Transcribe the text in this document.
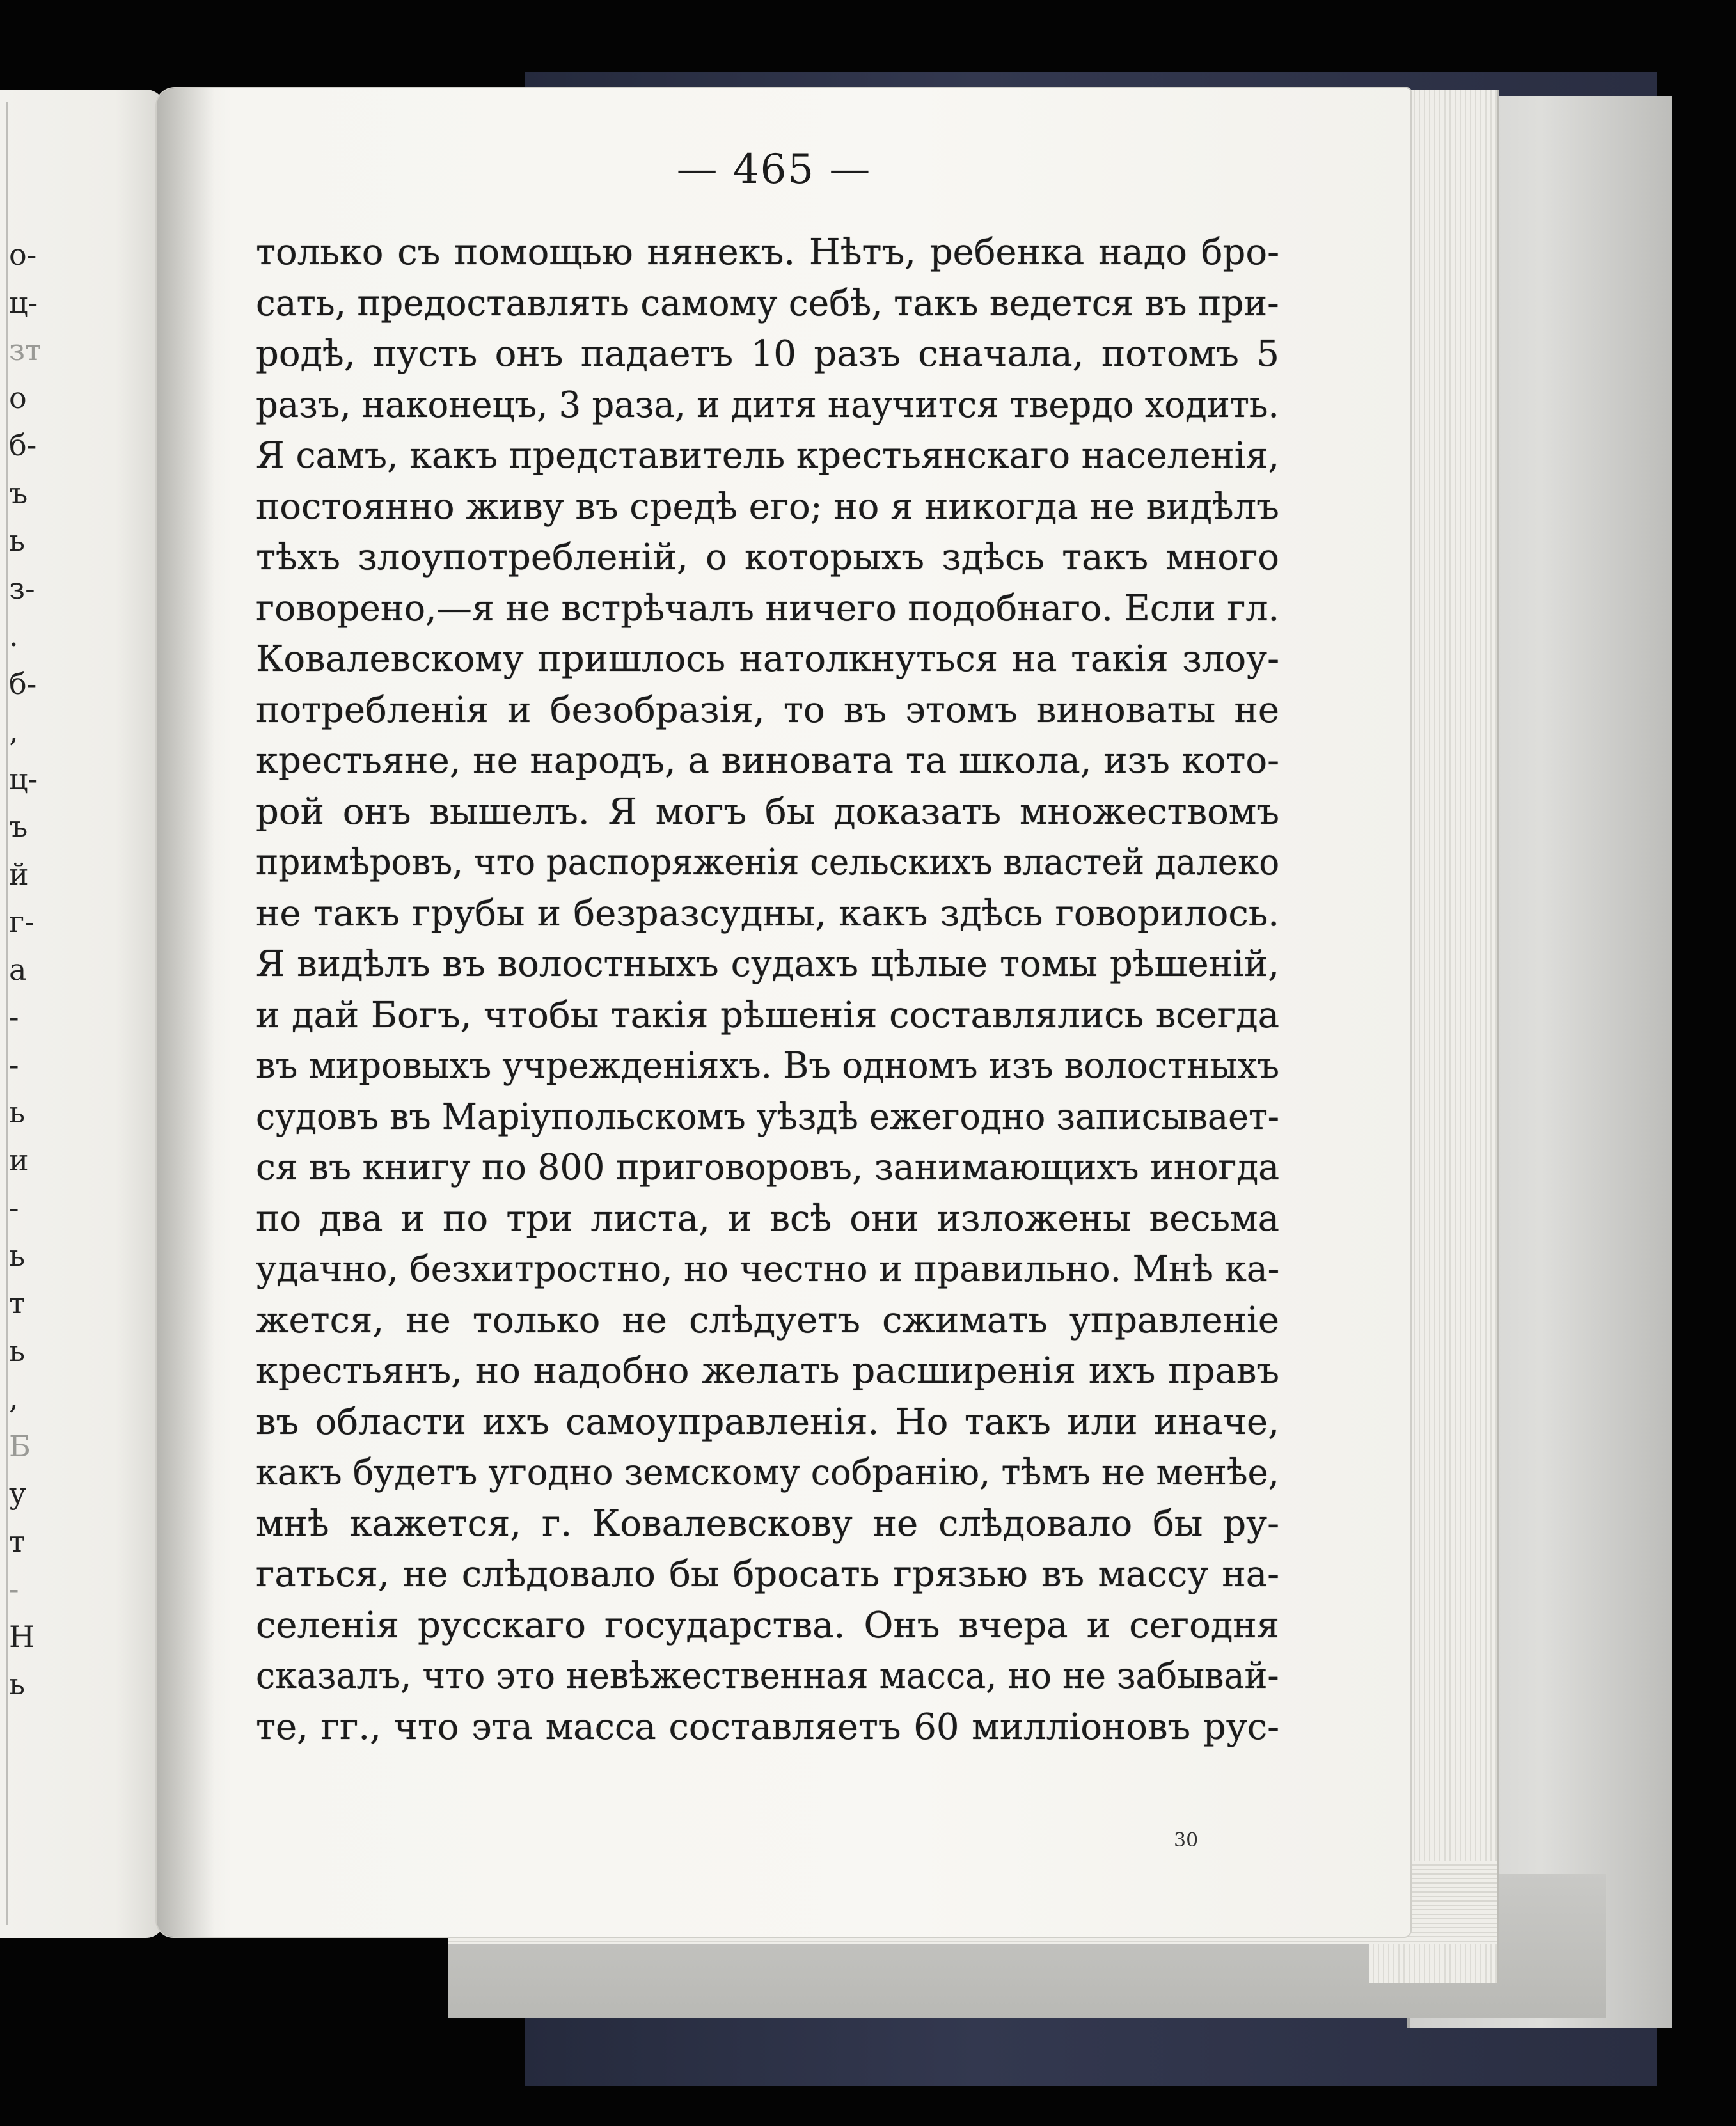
о-
ц-
зт
о
б-
ъ
ь
з-
.
б-
,
ц-
ъ
й
г-
а
-
-
ь
и
-
ь
т
ь
,
Б
у
т
-
Н
ь
— 465 —
только съ помощью нянекъ. Нѣтъ, ребенка надо бро-
сать, предоставлять самому себѣ, такъ ведется въ при-
родѣ, пусть онъ падаетъ 10 разъ сначала, потомъ 5
разъ, наконецъ, 3 раза, и дитя научится твердо ходить.
Я самъ, какъ представитель крестьянскаго населенія,
постоянно живу въ средѣ его; но я никогда не видѣлъ
тѣхъ злоупотребленій, о которыхъ здѣсь такъ много
говорено,—я не встрѣчалъ ничего подобнаго. Если гл.
Ковалевскому пришлось натолкнуться на такія злоу-
потребленія и безобразія, то въ этомъ виноваты не
крестьяне, не народъ, а виновата та школа, изъ кото-
рой онъ вышелъ. Я могъ бы доказать множествомъ
примѣровъ, что распоряженія сельскихъ властей далеко
не такъ грубы и безразсудны, какъ здѣсь говорилось.
Я видѣлъ въ волостныхъ судахъ цѣлые томы рѣшеній,
и дай Богъ, чтобы такія рѣшенія составлялись всегда
въ мировыхъ учрежденіяхъ. Въ одномъ изъ волостныхъ
судовъ въ Маріупольскомъ уѣздѣ ежегодно записывает-
ся въ книгу по 800 приговоровъ, занимающихъ иногда
по два и по три листа, и всѣ они изложены весьма
удачно, безхитростно, но честно и правильно. Мнѣ ка-
жется, не только не слѣдуетъ сжимать управленіе
крестьянъ, но надобно желать расширенія ихъ правъ
въ области ихъ самоуправленія. Но такъ или иначе,
какъ будетъ угодно земскому собранію, тѣмъ не менѣе,
мнѣ кажется, г. Ковалевскову не слѣдовало бы ру-
гаться, не слѣдовало бы бросать грязью въ массу на-
селенія русскаго государства. Онъ вчера и сегодня
сказалъ, что это невѣжественная масса, но не забывай-
те, гг., что эта масса составляетъ 60 милліоновъ рус-
30
